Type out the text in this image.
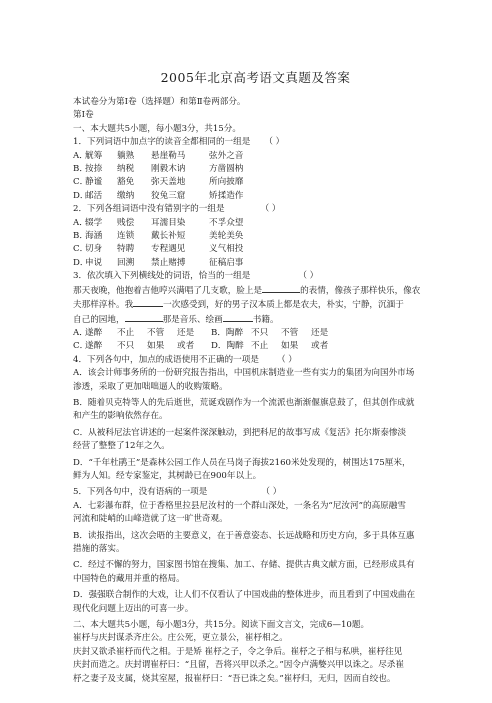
2005年北京高考语文真题及答案

本试卷分为第Ⅰ卷（选择题）和第Ⅱ卷两部分。

第Ⅰ卷

一、本大题共5小题，每小题3分，共15分。

1．下列词语中加点字的读音全都相同的一组是 （ ）

A．觥筹 躺熟 悬崖勒马	弦外之音

B．按捺 纳税 刚毅木讷	方凿圆枘

C．静谧 豁免 弥天盖地	所向披靡

D．邮活 缴纳 狡兔三窟	矫揉造作

2．下列各组词语中没有错别字的一组是	（ ）

A．辍学 贱偿 耳濡目染	不孚众望

B．海涵 连锁 戴长补短	美轮美奂

C．切身 特聘 专程遇见	义气相投

D．申说 回溯 禁止赌搏	征稿启事

3．依次填入下列横线处的词语，恰当的一组是	（ ）

那天夜晚，他抱着吉他哼兴满唱了几支歌，脸上是	的表情，像孩子那样快乐，像农

夫那样淳朴。我	一次感受到，好的男子汉本质上都是农夫，朴实，宁静，沉湎于

自己的园地，	那是音乐、绘画	书籍。

A．遂醉 不止 不管 还是 B．陶醉 不只 不管 还是

C．遂醉 不只 如果 或者 D．陶醉 不止 如果 或者

4．下列各句中，加点的成语使用不正确的一项是 （ ）

A．该会计师事务所的一份研究报告指出，中国机床制造业一些有实力的集团为向国外市场

渗透，采取了更加咄咄逼人的收购策略。

B．随着贝克特等人的先后逝世，荒诞戏剧作为一个流派也渐渐偃旗息鼓了，但其创作成就

和产生的影响依然存在。

C．从被科尼法官讲述的一起案件深深触动，到把科尼的故事写成《复活》托尔斯泰惨淡

经营了整整了12年之久。

D．“千年杜鹃王”是森林公园工作人员在马岗子海拔2160米处发现的，树围达175厘米，

鲜为人知。经专家鉴定，其树龄已在900年以上。

5．下列各句中，没有语病的一项是	（ ）

A．七彩瀑布群，位于香格里拉县尼汝村的一个群山深处，一条名为“尼汝河”的高原融雪

河流和陡峭的山峰造就了这一旷世奇观。

B．读报指出，这次会晤的主要意义，在于善意姿态、长远战略和历史方向，多于具体互惠

措施的落实。

C．经过不懈的努力，国家图书馆在搜集、加工、存储、提供古典文献方面，已经形成具有

中国特色的藏用并重的格局。

D．强强联合制作的大戏，让人们不仅看认了中国戏曲的整体进步，而且看到了中国戏曲在

现代化问题上迈出的可喜一步。

二、本大题共5小题，每小题3分，共15分。阅读下面文言文，完成6—10题。

崔杼与庆封谋杀齐庄公。庄公死，更立景公，崔杼相之。

庆封又欲杀崔杼而代之相。于是矫 崔杼之子，令之争后。崔杼之子相与私哄，崔杼往见

庆封而造之。庆封谓崔杼曰：“且留，吾将兴甲以杀之。”因令卢满嫳兴甲以诛之。尽杀崔

杼之妻子及支属，烧其室屋，报崔杼曰：“吾已诛之矣。”崔杼归，无归，因而自绞也。
